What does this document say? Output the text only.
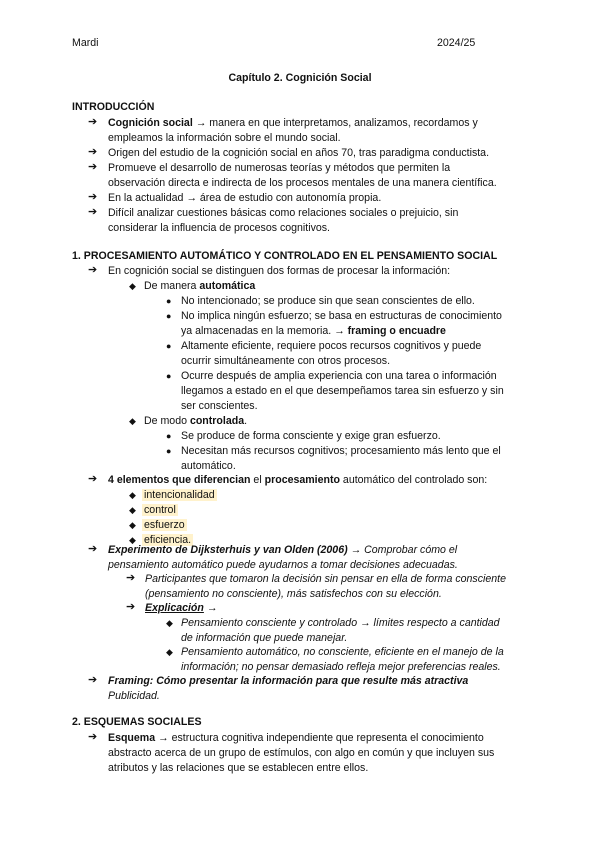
Mardi	2024/25
Capítulo 2. Cognición Social
INTRODUCCIÓN
➔ Cognición social → manera en que interpretamos, analizamos, recordamos y
empleamos la información sobre el mundo social.
➔ Origen del estudio de la cognición social en años 70, tras paradigma conductista.
➔ Promueve el desarrollo de numerosas teorías y métodos que permiten la
observación directa e indirecta de los procesos mentales de una manera científica.
➔ En la actualidad → área de estudio con autonomía propia.
➔ Difícil analizar cuestiones básicas como relaciones sociales o prejuicio, sin
considerar la influencia de procesos cognitivos.
1. PROCESAMIENTO AUTOMÁTICO Y CONTROLADO EN EL PENSAMIENTO SOCIAL
➔ En cognición social se distinguen dos formas de procesar la información:
◆ De manera automática
● No intencionado; se produce sin que sean conscientes de ello.
● No implica ningún esfuerzo; se basa en estructuras de conocimiento
ya almacenadas en la memoria. → framing o encuadre
● Altamente eficiente, requiere pocos recursos cognitivos y puede
ocurrir simultáneamente con otros procesos.
● Ocurre después de amplia experiencia con una tarea o información
llegamos a estado en el que desempeñamos tarea sin esfuerzo y sin
ser conscientes.
◆ De modo controlada.
● Se produce de forma consciente y exige gran esfuerzo.
● Necesitan más recursos cognitivos; procesamiento más lento que el
automático.
➔ 4 elementos que diferencian el procesamiento automático del controlado son:
◆ intencionalidad
◆ control
◆ esfuerzo
◆ eficiencia.
➔ Experimento de Dijksterhuis y van Olden (2006) → Comprobar cómo el
pensamiento automático puede ayudarnos a tomar decisiones adecuadas.
➔ Participantes que tomaron la decisión sin pensar en ella de forma consciente
(pensamiento no consciente), más satisfechos con su elección.
➔ Explicación →
◆ Pensamiento consciente y controlado → límites respecto a cantidad
de información que puede manejar.
◆ Pensamiento automático, no consciente, eficiente en el manejo de la
información; no pensar demasiado refleja mejor preferencias reales.
➔ Framing: Cómo presentar la información para que resulte más atractiva
Publicidad.
2. ESQUEMAS SOCIALES
➔ Esquema → estructura cognitiva independiente que representa el conocimiento
abstracto acerca de un grupo de estímulos, con algo en común y que incluyen sus
atributos y las relaciones que se establecen entre ellos.
